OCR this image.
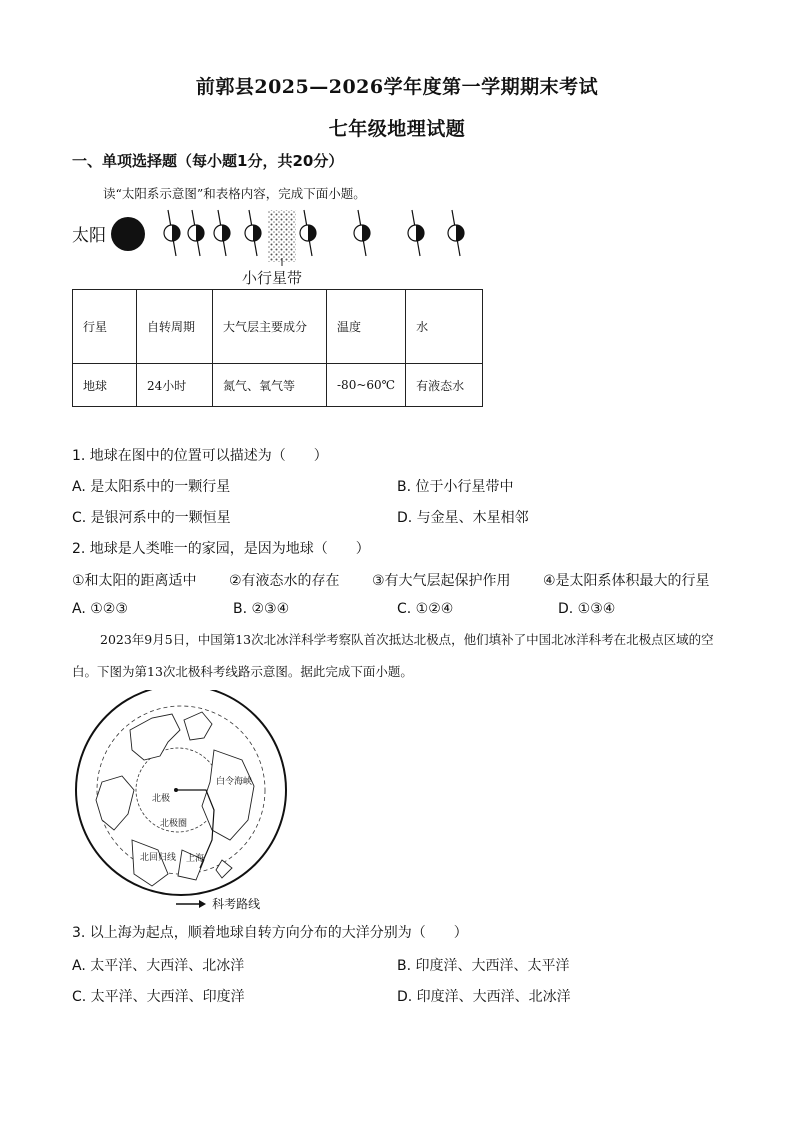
前郭县2025—2026学年度第一学期期末考试
七年级地理试题
一、单项选择题（每小题1分，共20分）
读“太阳系示意图”和表格内容，完成下面小题。
太阳
小行星带
行星	自转周期	大气层主要成分	温度	水
地球	24小时	氮气、氧气等	-80~60℃	有液态水
1. 地球在图中的位置可以描述为（　　）
A. 是太阳系中的一颗行星	B. 位于小行星带中
C. 是银河系中的一颗恒星	D. 与金星、木星相邻
2. 地球是人类唯一的家园，是因为地球（　　）
①和太阳的距离适中 ②有液态水的存在 ③有大气层起保护作用 ④是太阳系体积最大的行星
A. ①②③	B. ②③④	C. ①②④	D. ①③④
2023年9月5日，中国第13次北冰洋科学考察队首次抵达北极点，他们填补了中国北冰洋科考在北极点区域的空白。下图为第13次北极科考线路示意图。据此完成下面小题。
北极
北极圈
北回归线 上海
白令海峡
科考路线
3. 以上海为起点，顺着地球自转方向分布的大洋分别为（　　）
A. 太平洋、大西洋、北冰洋	B. 印度洋、大西洋、太平洋
C. 太平洋、大西洋、印度洋	D. 印度洋、大西洋、北冰洋
